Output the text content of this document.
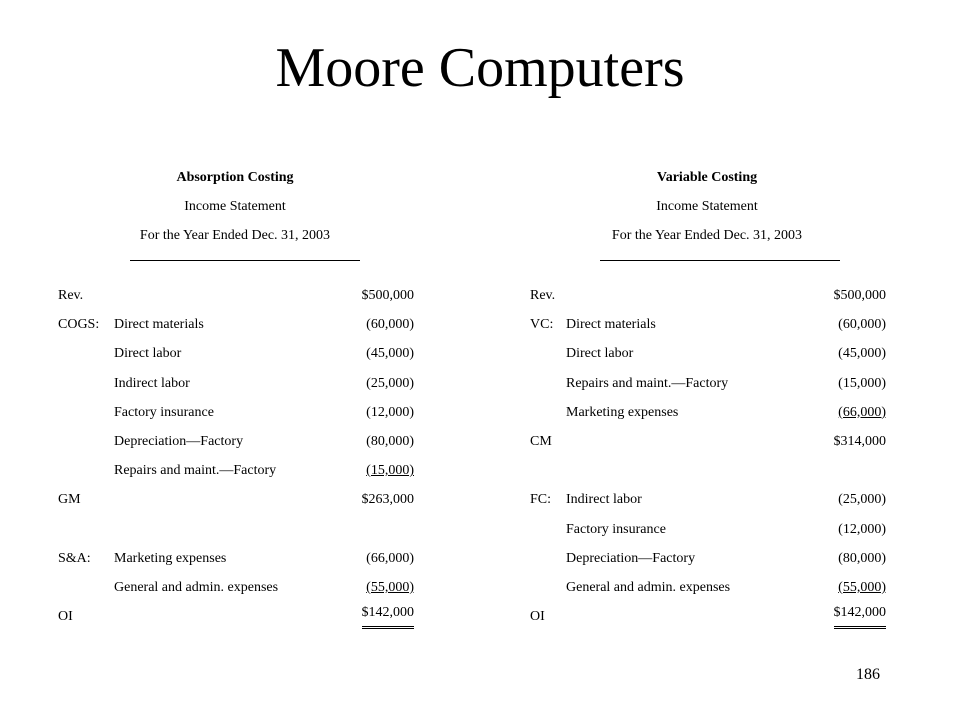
Moore Computers
Absorption Costing
Income Statement
For the Year Ended Dec. 31, 2003
Rev.	$500,000
COGS: Direct materials	(60,000)
Direct labor	(45,000)
Indirect labor	(25,000)
Factory insurance	(12,000)
Depreciation—Factory	(80,000)
Repairs and maint.—Factory	(15,000)
GM	$263,000
S&A: Marketing expenses	(66,000)
General and admin. expenses	(55,000)
OI	$142,000
Variable Costing
Income Statement
For the Year Ended Dec. 31, 2003
Rev.	$500,000
VC: Direct materials	(60,000)
Direct labor	(45,000)
Repairs and maint.—Factory	(15,000)
Marketing expenses	(66,000)
CM	$314,000
FC: Indirect labor	(25,000)
Factory insurance	(12,000)
Depreciation—Factory	(80,000)
General and admin. expenses	(55,000)
OI	$142,000
186
